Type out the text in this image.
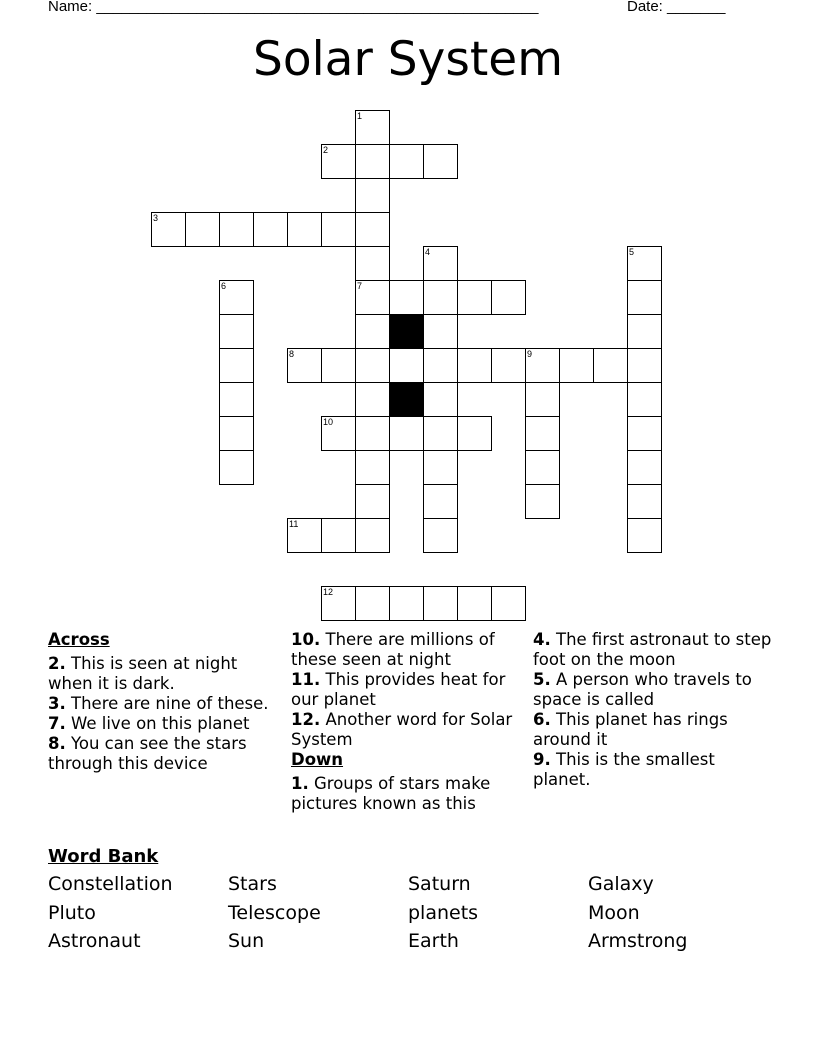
Name: _____________________________________________________	Date: _______
Solar System
2
3
7
8	9
10
11
12
1
4	5
6
Across
2. This is seen at night when it is dark.
3. There are nine of these.
7. We live on this planet
8. You can see the stars through this device
10. There are millions of these seen at night
11. This provides heat for our planet
12. Another word for Solar System
Down
1. Groups of stars make pictures known as this
4. The first astronaut to step foot on the moon
5. A person who travels to space is called
6. This planet has rings around it
9. This is the smallest planet.
Word Bank
Constellation	Stars	Saturn	Galaxy
Pluto	Telescope	planets	Moon
Astronaut	Sun	Earth	Armstrong
